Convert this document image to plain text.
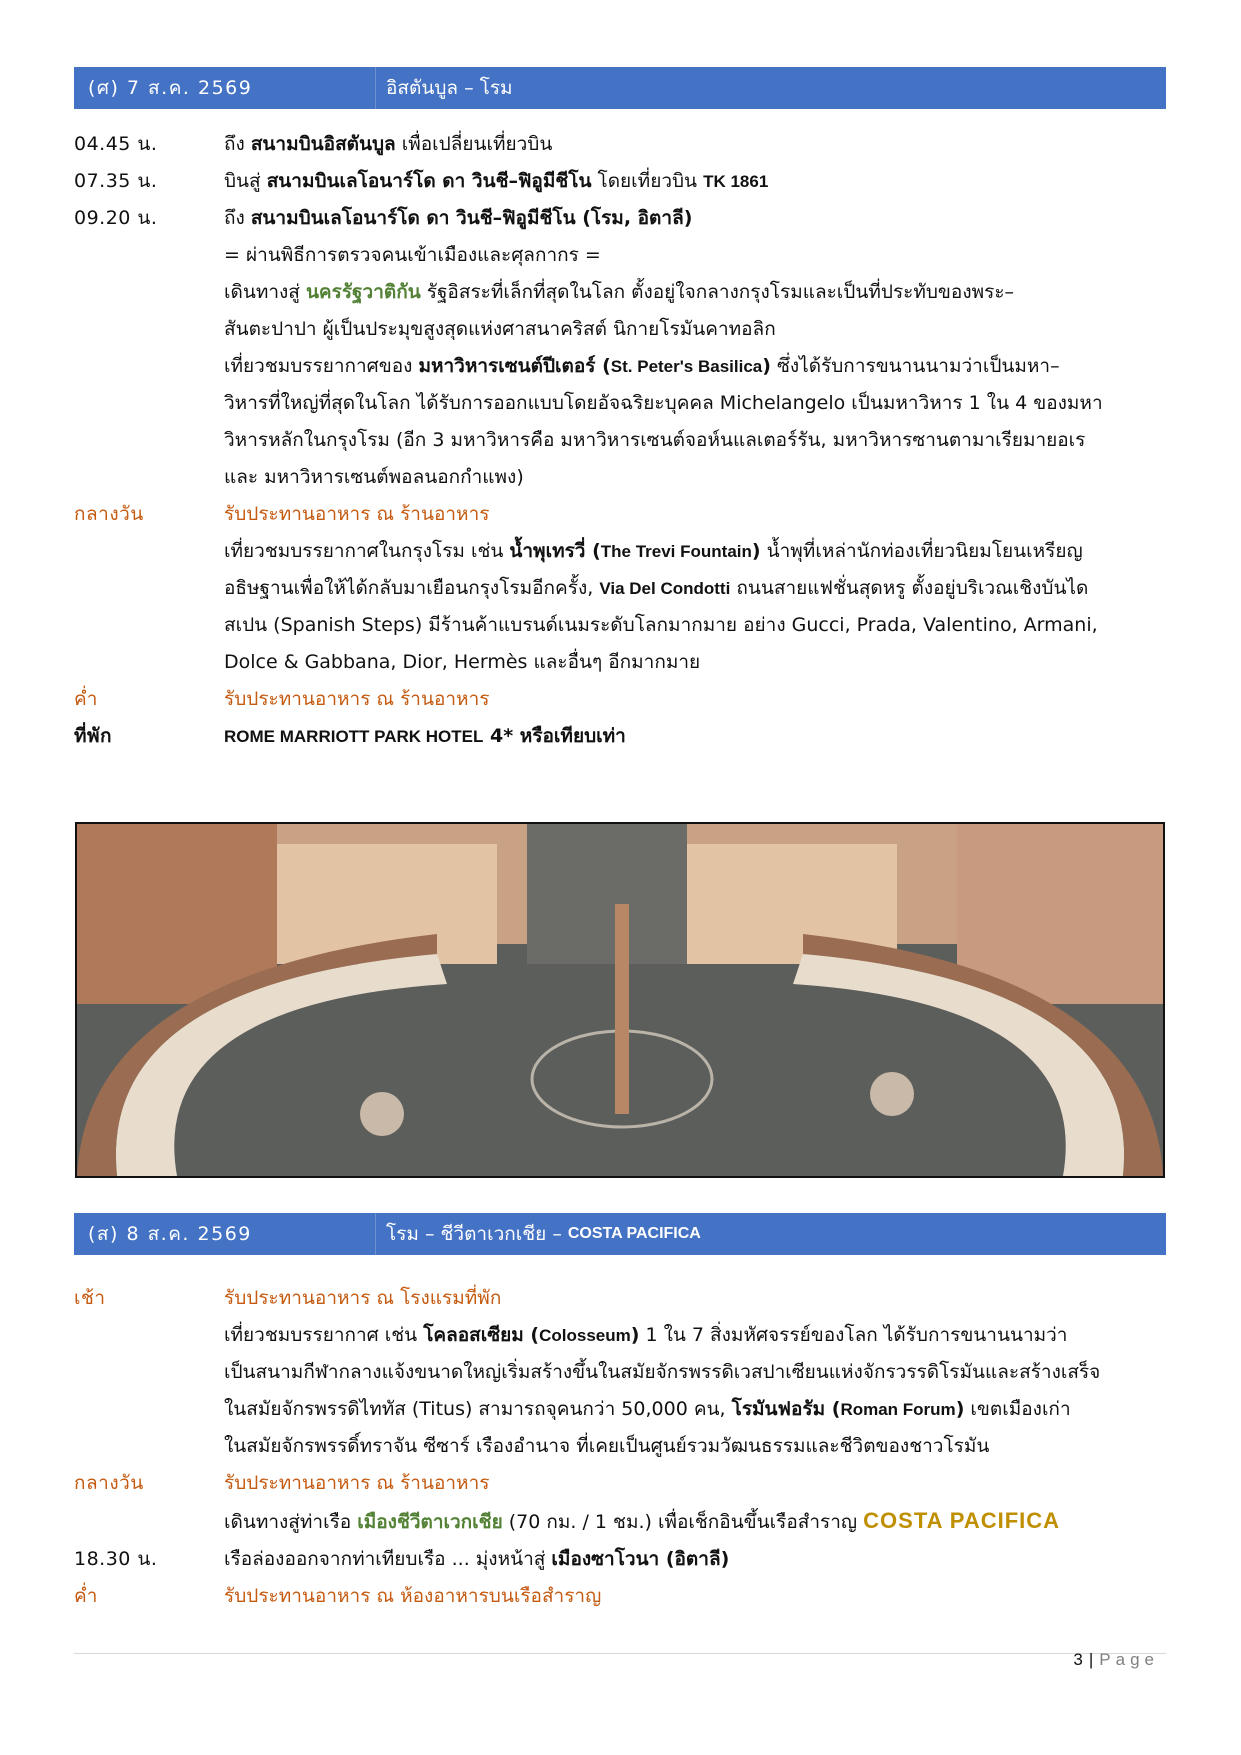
(ศ) 7 ส.ค. 2569	อิสตันบูล – โรม
04.45 น.	ถึง สนามบินอิสตันบูล เพื่อเปลี่ยนเที่ยวบิน
07.35 น.	บินสู่ สนามบินเลโอนาร์โด ดา วินชี–ฟิอูมีชีโน โดยเที่ยวบิน TK 1861
09.20 น.	ถึง สนามบินเลโอนาร์โด ดา วินชี–ฟิอูมีชีโน (โรม, อิตาลี)
= ผ่านพิธีการตรวจคนเข้าเมืองและศุลกากร =
เดินทางสู่ นครรัฐวาติกัน รัฐอิสระที่เล็กที่สุดในโลก ตั้งอยู่ใจกลางกรุงโรมและเป็นที่ประทับของพระ–
สันตะปาปา ผู้เป็นประมุขสูงสุดแห่งศาสนาคริสต์ นิกายโรมันคาทอลิก
เที่ยวชมบรรยากาศของ มหาวิหารเซนต์ปีเตอร์ (St. Peter's Basilica) ซึ่งได้รับการขนานนามว่าเป็นมหา–
วิหารที่ใหญ่ที่สุดในโลก ได้รับการออกแบบโดยอัจฉริยะบุคคล Michelangelo เป็นมหาวิหาร 1 ใน 4 ของมหา
วิหารหลักในกรุงโรม (อีก 3 มหาวิหารคือ มหาวิหารเซนต์จอห์นแลเตอร์รัน, มหาวิหารซานตามาเรียมายอเร
และ มหาวิหารเซนต์พอลนอกกำแพง)
กลางวัน	รับประทานอาหาร ณ ร้านอาหาร
เที่ยวชมบรรยากาศในกรุงโรม เช่น น้ำพุเทรวี่ (The Trevi Fountain) น้ำพุที่เหล่านักท่องเที่ยวนิยมโยนเหรียญ
อธิษฐานเพื่อให้ได้กลับมาเยือนกรุงโรมอีกครั้ง, Via Del Condotti ถนนสายแฟชั่นสุดหรู ตั้งอยู่บริเวณเชิงบันได
สเปน (Spanish Steps) มีร้านค้าแบรนด์เนมระดับโลกมากมาย อย่าง Gucci, Prada, Valentino, Armani,
Dolce & Gabbana, Dior, Hermès และอื่นๆ อีกมากมาย
ค่ำ	รับประทานอาหาร ณ ร้านอาหาร
ที่พัก	ROME MARRIOTT PARK HOTEL 4* หรือเทียบเท่า
(ส) 8 ส.ค. 2569	โรม – ชีวีตาเวกเชีย – COSTA PACIFICA
เช้า	รับประทานอาหาร ณ โรงแรมที่พัก
เที่ยวชมบรรยากาศ เช่น โคลอสเซียม (Colosseum) 1 ใน 7 สิ่งมหัศจรรย์ของโลก ได้รับการขนานนามว่า
เป็นสนามกีฬากลางแจ้งขนาดใหญ่เริ่มสร้างขึ้นในสมัยจักรพรรดิเวสปาเซียนแห่งจักรวรรดิโรมันและสร้างเสร็จ
ในสมัยจักรพรรดิไททัส (Titus) สามารถจุคนกว่า 50,000 คน, โรมันฟอรัม (Roman Forum) เขตเมืองเก่า
ในสมัยจักรพรรดิ์ทราจัน ซีซาร์ เรืองอำนาจ ที่เคยเป็นศูนย์รวมวัฒนธรรมและชีวิตของชาวโรมัน
กลางวัน	รับประทานอาหาร ณ ร้านอาหาร
เดินทางสู่ท่าเรือ เมืองชีวีตาเวกเชีย (70 กม. / 1 ชม.) เพื่อเช็กอินขึ้นเรือสำราญ COSTA PACIFICA
18.30 น.	เรือล่องออกจากท่าเทียบเรือ ... มุ่งหน้าสู่ เมืองซาโวนา (อิตาลี)
ค่ำ	รับประทานอาหาร ณ ห้องอาหารบนเรือสำราญ
3 | Page
